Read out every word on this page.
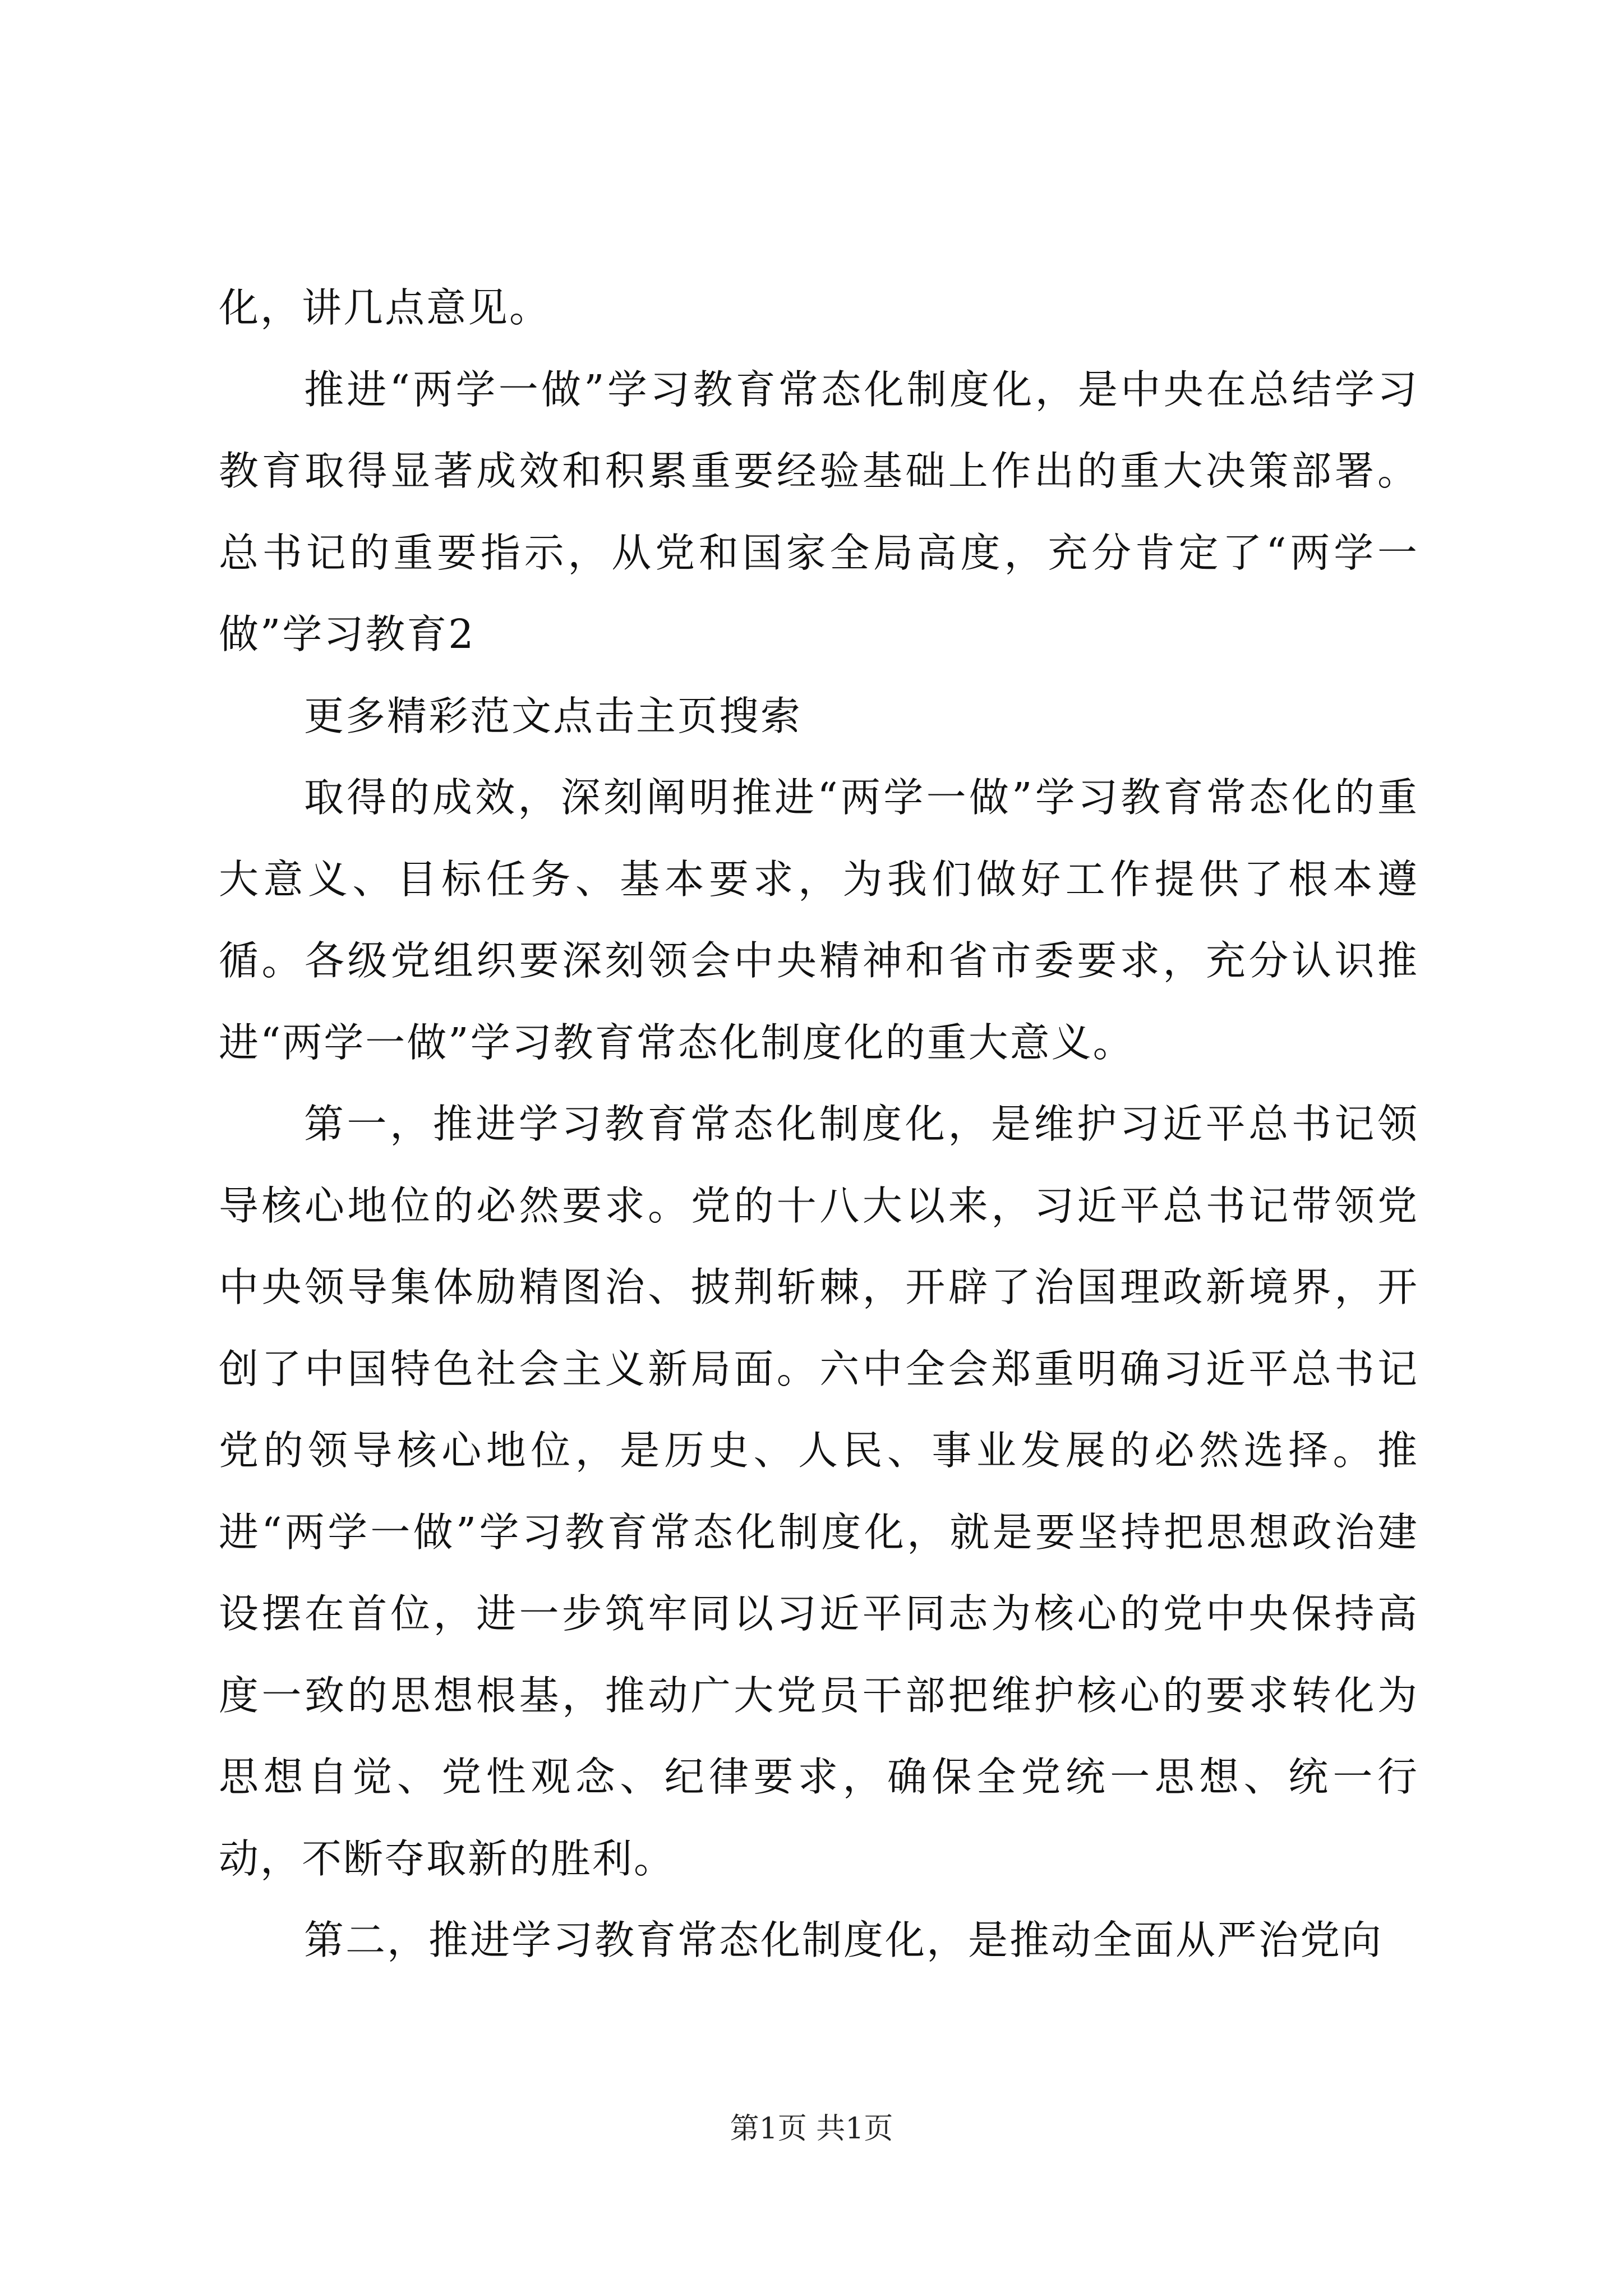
化，讲几点意见。

推进“两学一做”学习教育常态化制度化，是中央在总结学习教育取得显著成效和积累重要经验基础上作出的重大决策部署。总书记的重要指示，从党和国家全局高度，充分肯定了“两学一做”学习教育2

更多精彩范文点击主页搜索

取得的成效，深刻阐明推进“两学一做”学习教育常态化的重大意义、目标任务、基本要求，为我们做好工作提供了根本遵循。各级党组织要深刻领会中央精神和省市委要求，充分认识推进“两学一做”学习教育常态化制度化的重大意义。

第一，推进学习教育常态化制度化，是维护习近平总书记领导核心地位的必然要求。党的十八大以来，习近平总书记带领党中央领导集体励精图治、披荆斩棘，开辟了治国理政新境界，开创了中国特色社会主义新局面。六中全会郑重明确习近平总书记党的领导核心地位，是历史、人民、事业发展的必然选择。推进“两学一做”学习教育常态化制度化，就是要坚持把思想政治建设摆在首位，进一步筑牢同以习近平同志为核心的党中央保持高度一致的思想根基，推动广大党员干部把维护核心的要求转化为思想自觉、党性观念、纪律要求，确保全党统一思想、统一行动，不断夺取新的胜利。

第二，推进学习教育常态化制度化，是推动全面从严治党向

第1页 共1页
